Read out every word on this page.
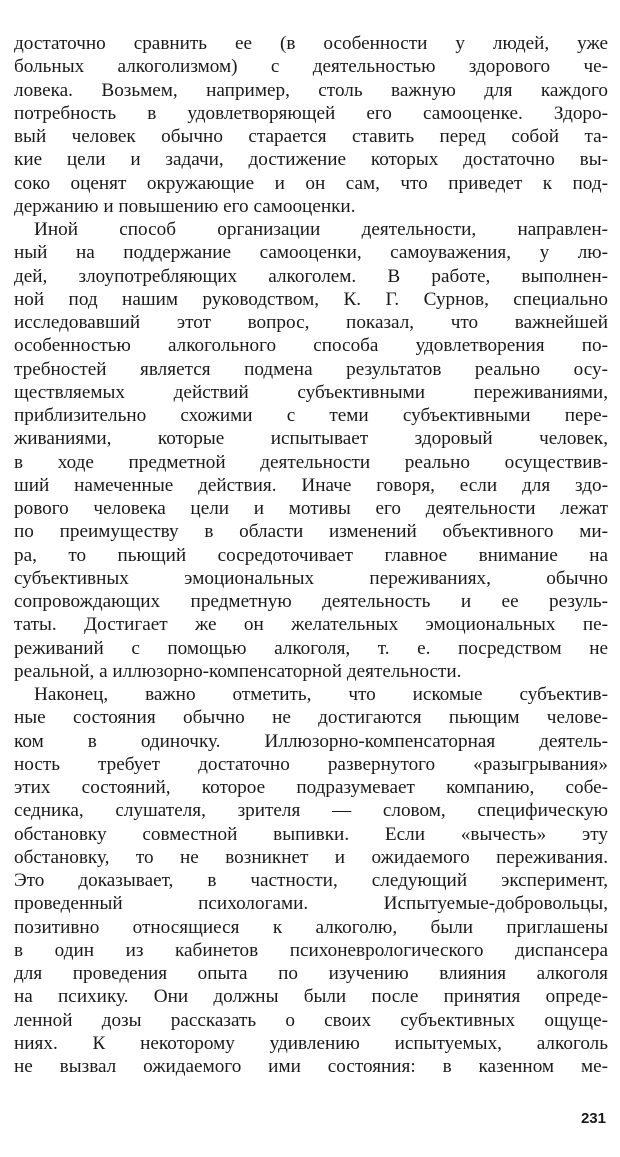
достаточно сравнить ее (в особенности у людей, уже
больных алкоголизмом) с деятельностью здорового че-
ловека. Возьмем, например, столь важную для каждого
потребность в удовлетворяющей его самооценке. Здоро-
вый человек обычно старается ставить перед собой та-
кие цели и задачи, достижение которых достаточно вы-
соко оценят окружающие и он сам, что приведет к под-
держанию и повышению его самооценки.
Иной способ организации деятельности, направлен-
ный на поддержание самооценки, самоуважения, у лю-
дей, злоупотребляющих алкоголем. В работе, выполнен-
ной под нашим руководством, К. Г. Сурнов, специально
исследовавший этот вопрос, показал, что важнейшей
особенностью алкогольного способа удовлетворения по-
требностей является подмена результатов реально осу-
ществляемых действий субъективными переживаниями,
приблизительно схожими с теми субъективными пере-
живаниями, которые испытывает здоровый человек,
в ходе предметной деятельности реально осуществив-
ший намеченные действия. Иначе говоря, если для здо-
рового человека цели и мотивы его деятельности лежат
по преимуществу в области изменений объективного ми-
ра, то пьющий сосредоточивает главное внимание на
субъективных эмоциональных переживаниях, обычно
сопровождающих предметную деятельность и ее резуль-
таты. Достигает же он желательных эмоциональных пе-
реживаний с помощью алкоголя, т. е. посредством не
реальной, а иллюзорно-компенсаторной деятельности.
Наконец, важно отметить, что искомые субъектив-
ные состояния обычно не достигаются пьющим челове-
ком в одиночку. Иллюзорно-компенсаторная деятель-
ность требует достаточно развернутого «разыгрывания»
этих состояний, которое подразумевает компанию, собе-
седника, слушателя, зрителя — словом, специфическую
обстановку совместной выпивки. Если «вычесть» эту
обстановку, то не возникнет и ожидаемого переживания.
Это доказывает, в частности, следующий эксперимент,
проведенный психологами. Испытуемые-добровольцы,
позитивно относящиеся к алкоголю, были приглашены
в один из кабинетов психоневрологического диспансера
для проведения опыта по изучению влияния алкоголя
на психику. Они должны были после принятия опреде-
ленной дозы рассказать о своих субъективных ощуще-
ниях. К некоторому удивлению испытуемых, алкоголь
не вызвал ожидаемого ими состояния: в казенном ме-
231
